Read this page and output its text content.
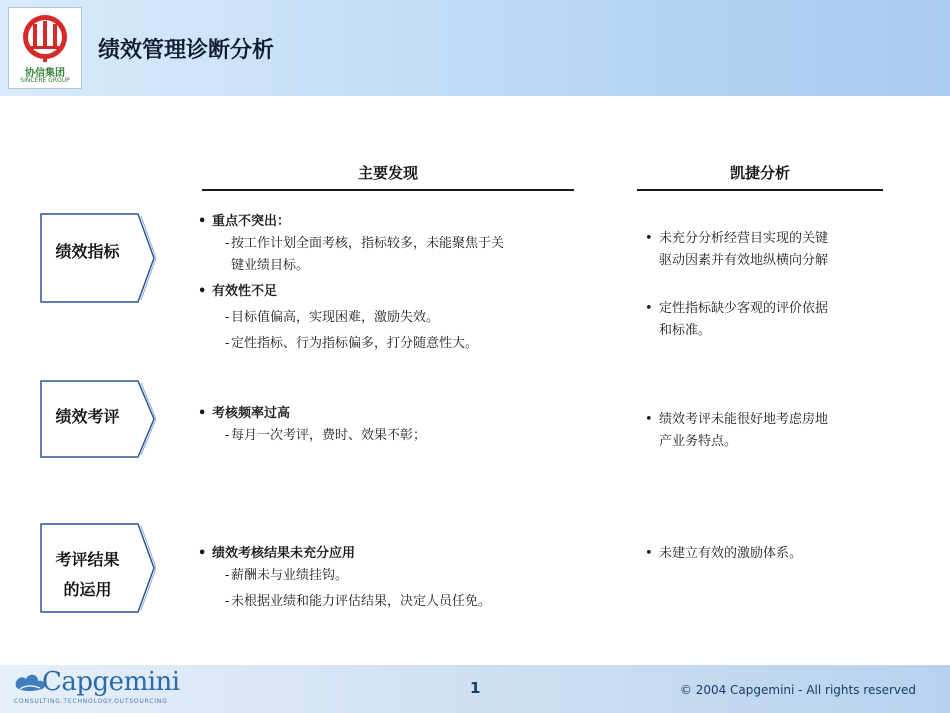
协信集团
SINCERE GROUP
绩效管理诊断分析
主要发现	凯捷分析
绩效指标
• 重点不突出：
- 按工作计划全面考核，指标较多，未能聚焦于关
键业绩目标。
• 有效性不足
- 目标值偏高，实现困难，激励失效。
- 定性指标、行为指标偏多，打分随意性大。
• 未充分分析经营目实现的关键
驱动因素并有效地纵横向分解
• 定性指标缺少客观的评价依据
和标准。
绩效考评
•	考核频率过高
- 每月一次考评，费时、效果不彰；
• 绩效考评未能很好地考虑房地
产业务特点。
考评结果
的运用
• 绩效考核结果未充分应用
- 薪酬未与业绩挂钩。
- 未根据业绩和能力评估结果，决定人员任免。
• 未建立有效的激励体系。
Capgemini
CONSULTING.TECHNOLOGY.OUTSOURCING
1	© 2004 Capgemini - All rights reserved
